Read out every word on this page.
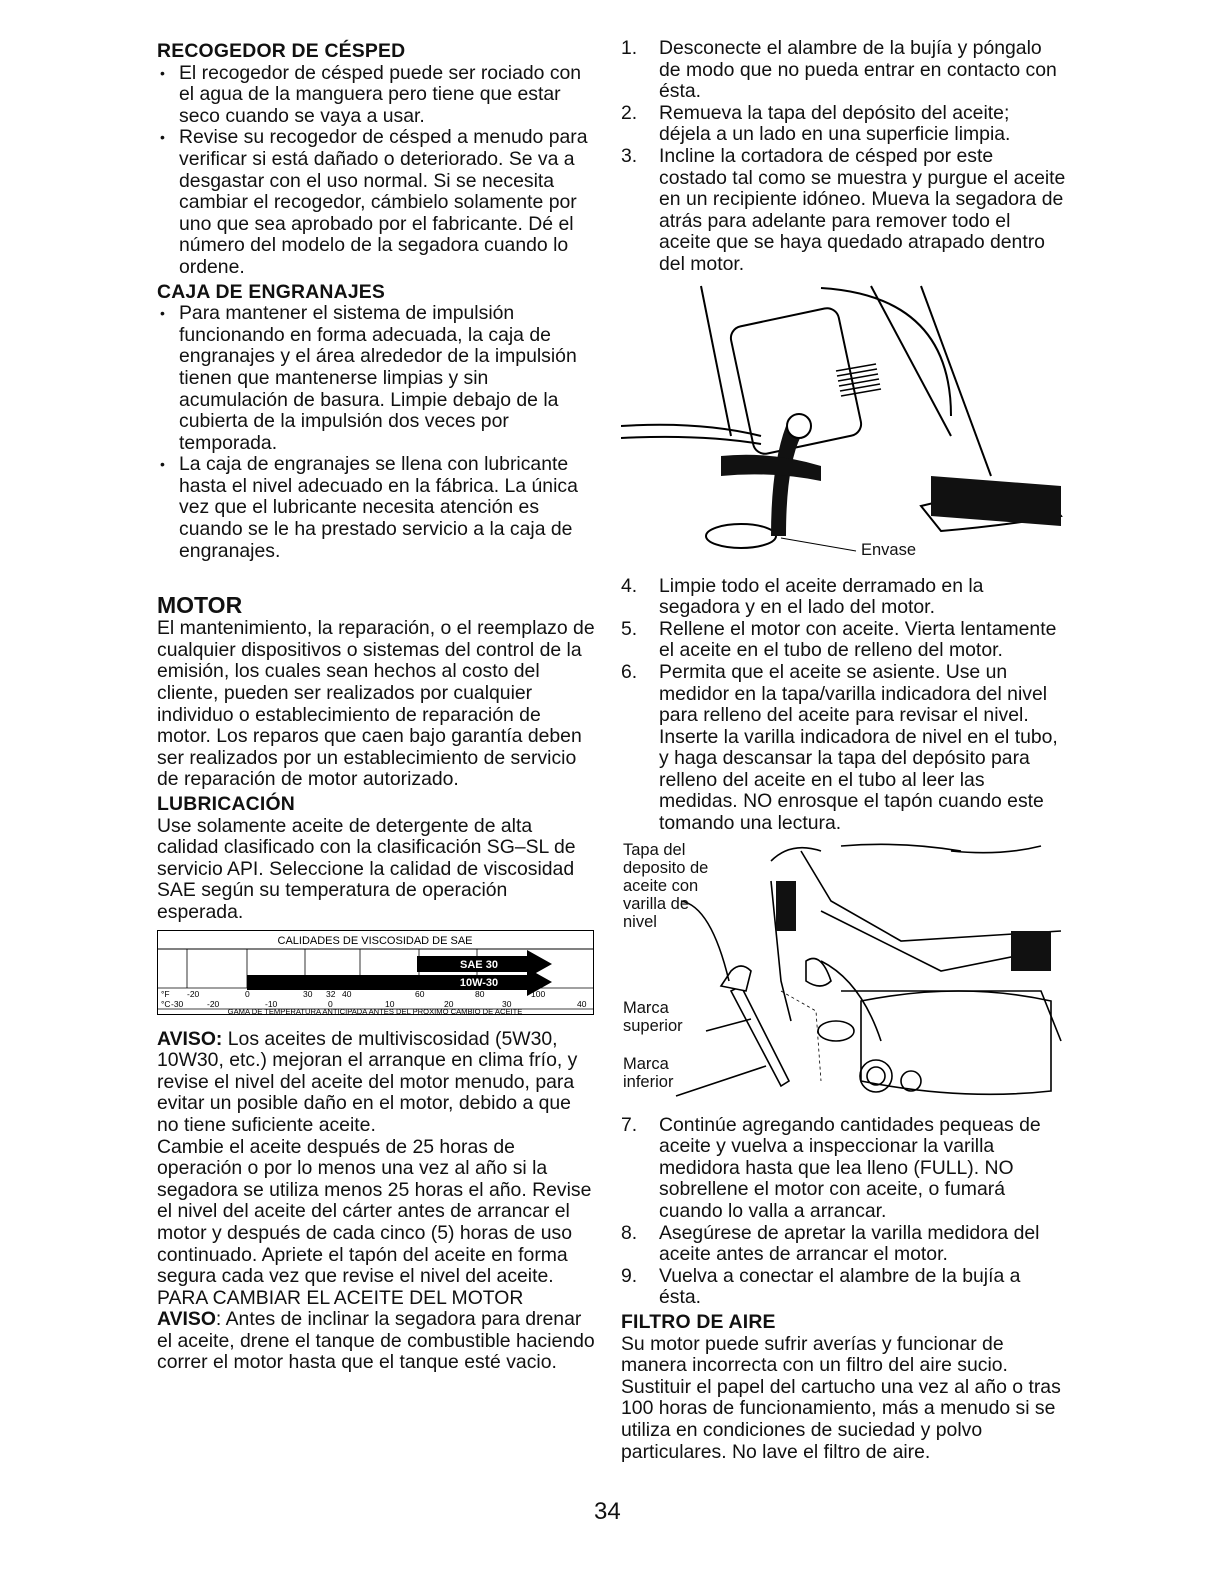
RECOGEDOR DE CÉSPED
• El recogedor de césped puede ser rociado con el agua de la manguera pero tiene que estar seco cuando se vaya a usar.
• Revise su recogedor de césped a menudo para verificar si está dañado o deteriorado. Se va a desgastar con el uso normal. Si se necesita cambiar el recogedor, cámbielo solamente por uno que sea aprobado por el fabricante. Dé el número del modelo de la segadora cuando lo ordene.
CAJA DE ENGRANAJES
• Para mantener el sistema de impulsión funcionando en forma adecuada, la caja de engranajes y el área alrededor de la impulsión tienen que mantenerse limpias y sin acumulación de basura. Limpie debajo de la cubierta de la impulsión dos veces por temporada.
• La caja de engranajes se llena con lubricante hasta el nivel adecuado en la fábrica. La única vez que el lubricante necesita atención es cuando se le ha prestado servicio a la caja de engranajes.
MOTOR

El mantenimiento, la reparación, o el reemplazo de cualquier dispositivos o sistemas del control de la emisión, los cuales sean hechos al costo del cliente, pueden ser realizados por cualquier individuo o establecimiento de reparación de motor. Los reparos que caen bajo garantía deben ser realizados por un establecimiento de servicio de reparación de motor autorizado.

LUBRICACIÓN

Use solamente aceite de detergente de alta calidad clasificado con la clasificación SG–SL de servicio API. Seleccione la calidad de viscosidad SAE según su temperatura de operación esperada.

CALIDADES DE VISCOSIDAD DE SAE
SAE 30
10W-30
°F -20	0	30 32 40	60	80	100
°C -30	-20	-10	0	10	20	30	40
GAMA DE TEMPERATURA ANTICIPADA ANTES DEL PROXIMO CAMBIO DE ACEITE

AVISO: Los aceites de multiviscosidad (5W30, 10W30, etc.) mejoran el arranque en clima frío, y revise el nivel del aceite del motor menudo, para evitar un posible daño en el motor, debido a que no tiene suficiente aceite.

Cambie el aceite después de 25 horas de operación o por lo menos una vez al año si la segadora se utiliza menos 25 horas el año. Revise el nivel del aceite del cárter antes de arrancar el motor y después de cada cinco (5) horas de uso continuado. Apriete el tapón del aceite en forma segura cada vez que revise el nivel del aceite.

PARA CAMBIAR EL ACEITE DEL MOTOR

AVISO: Antes de inclinar la segadora para drenar el aceite, drene el tanque de combustible haciendo correr el motor hasta que el tanque esté vacio.

1. Desconecte el alambre de la bujía y póngalo de modo que no pueda entrar en contacto con ésta.
2. Remueva la tapa del depósito del aceite; déjela a un lado en una superficie limpia.
3. Incline la cortadora de césped por este costado tal como se muestra y purgue el aceite en un recipiente idóneo. Mueva la segadora de atrás para adelante para remover todo el aceite que se haya quedado atrapado dentro del motor.
Envase
4. Limpie todo el aceite derramado en la segadora y en el lado del motor.
5. Rellene el motor con aceite. Vierta lentamente el aceite en el tubo de relleno del motor.
6. Permita que el aceite se asiente. Use un medidor en la tapa/varilla indicadora del nivel para relleno del aceite para revisar el nivel. Inserte la varilla indicadora de nivel en el tubo, y haga descansar la tapa del depósito para relleno del aceite en el tubo al leer las medidas. NO enrosque el tapón cuando este tomando una lectura.
Tapa del deposito de aceite con varilla de nivel
Marca superior
Marca inferior
7. Continúe agregando cantidades pequeas de aceite y vuelva a inspeccionar la varilla medidora hasta que lea lleno (FULL). NO sobrellene el motor con aceite, o fumará cuando lo valla a arrancar.
8. Asegúrese de apretar la varilla medidora del aceite antes de arrancar el motor.
9. Vuelva a conectar el alambre de la bujía a ésta.
FILTRO DE AIRE

Su motor puede sufrir averías y funcionar de manera incorrecta con un filtro del aire sucio. Sustituir el papel del cartucho una vez al año o tras 100 horas de funcionamiento, más a menudo si se utiliza en condiciones de suciedad y polvo particulares. No lave el filtro de aire.

34
